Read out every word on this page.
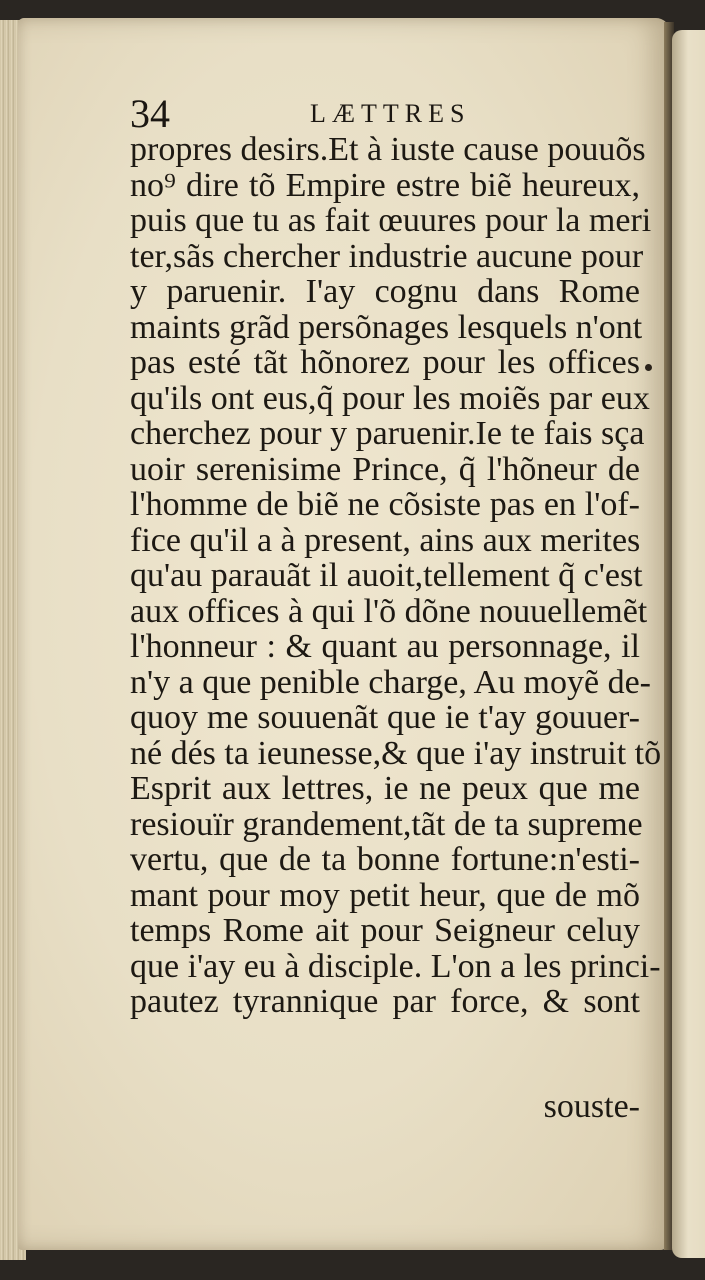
34	LÆTTRES
propres desirs.Et à iuste cause pouuõs
no⁹ dire tõ Empire estre biẽ heureux,
puis que tu as fait œuures pour la meri
ter,sãs chercher industrie aucune pour
y paruenir. I'ay cognu dans Rome
maints grãd persõnages lesquels n'ont
pas esté tãt hõnorez pour les offices
qu'ils ont eus,q̃ pour les moiẽs par eux
cherchez pour y paruenir.Ie te fais sça
uoir serenisime Prince, q̃ l'hõneur de
l'homme de biẽ ne cõsiste pas en l'of-
fice qu'il a à present, ains aux merites
qu'au parauãt il auoit,tellement q̃ c'est
aux offices à qui l'õ dõne nouuellemẽt
l'honneur : & quant au personnage, il
n'y a que penible charge, Au moyẽ de-
quoy me souuenãt que ie t'ay gouuer-
né dés ta ieunesse,& que i'ay instruit tõ
Esprit aux lettres, ie ne peux que me
resiouïr grandement,tãt de ta supreme
vertu, que de ta bonne fortune:n'esti-
mant pour moy petit heur, que de mõ
temps Rome ait pour Seigneur celuy
que i'ay eu à disciple. L'on a les princi-
pautez tyrannique par force, & sont
souste-
